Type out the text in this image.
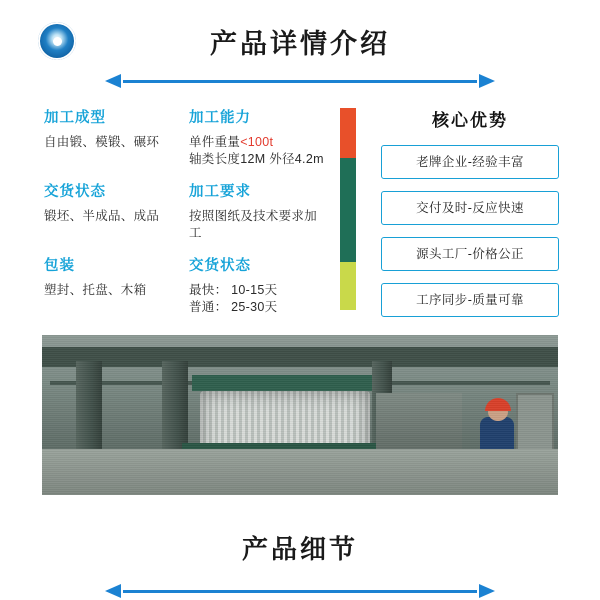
产品详情介绍
加工成型
自由锻、模锻、碾环
加工能力
单件重量<100t
轴类长度12M 外径4.2m
交货状态
锻坯、半成品、成品
加工要求
按照图纸及技术要求加工
包装
塑封、托盘、木箱
交货状态
最快： 10-15天
普通： 25-30天
核心优势
老牌企业-经验丰富
交付及时-反应快速
源头工厂-价格公正
工序同步-质量可靠
产品细节
